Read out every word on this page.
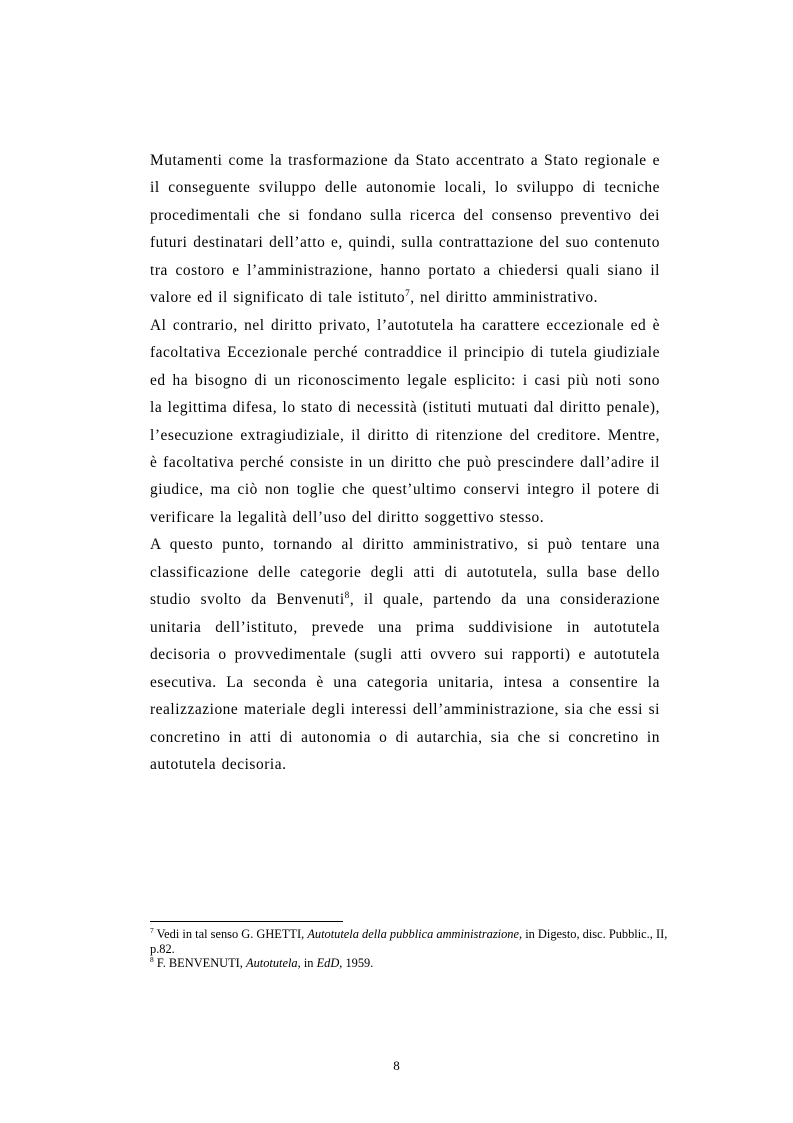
Mutamenti come la trasformazione da Stato accentrato a Stato regionale e il conseguente sviluppo delle autonomie locali, lo sviluppo di tecniche procedimentali che si fondano sulla ricerca del consenso preventivo dei futuri destinatari dell’atto e, quindi, sulla contrattazione del suo contenuto tra costoro e l’amministrazione, hanno portato a chiedersi quali siano il valore ed il significato di tale istituto$^7$, nel diritto amministrativo.

Al contrario, nel diritto privato, l’autotutela ha carattere eccezionale ed è facoltativa Eccezionale perché contraddice il principio di tutela giudiziale ed ha bisogno di un riconoscimento legale esplicito: i casi più noti sono la legittima difesa, lo stato di necessità (istituti mutuati dal diritto penale), l’esecuzione extragiudiziale, il diritto di ritenzione del creditore. Mentre, è facoltativa perché consiste in un diritto che può prescindere dall’adire il giudice, ma ciò non toglie che quest’ultimo conservi integro il potere di verificare la legalità dell’uso del diritto soggettivo stesso.

A questo punto, tornando al diritto amministrativo, si può tentare una classificazione delle categorie degli atti di autotutela, sulla base dello studio svolto da Benvenuti$^8$, il quale, partendo da una considerazione unitaria dell’istituto, prevede una prima suddivisione in autotutela decisoria o provvedimentale (sugli atti ovvero sui rapporti) e autotutela esecutiva. La seconda è una categoria unitaria, intesa a consentire la realizzazione materiale degli interessi dell’amministrazione, sia che essi si concretino in atti di autonomia o di autarchia, sia che si concretino in autotutela decisoria.

$^7$ Vedi in tal senso G. GHETTI, Autotutela della pubblica amministrazione, in Digesto, disc. Pubblic., II, p.82.
$^8$ F. BENVENUTI, Autotutela, in EdD, 1959.
8
